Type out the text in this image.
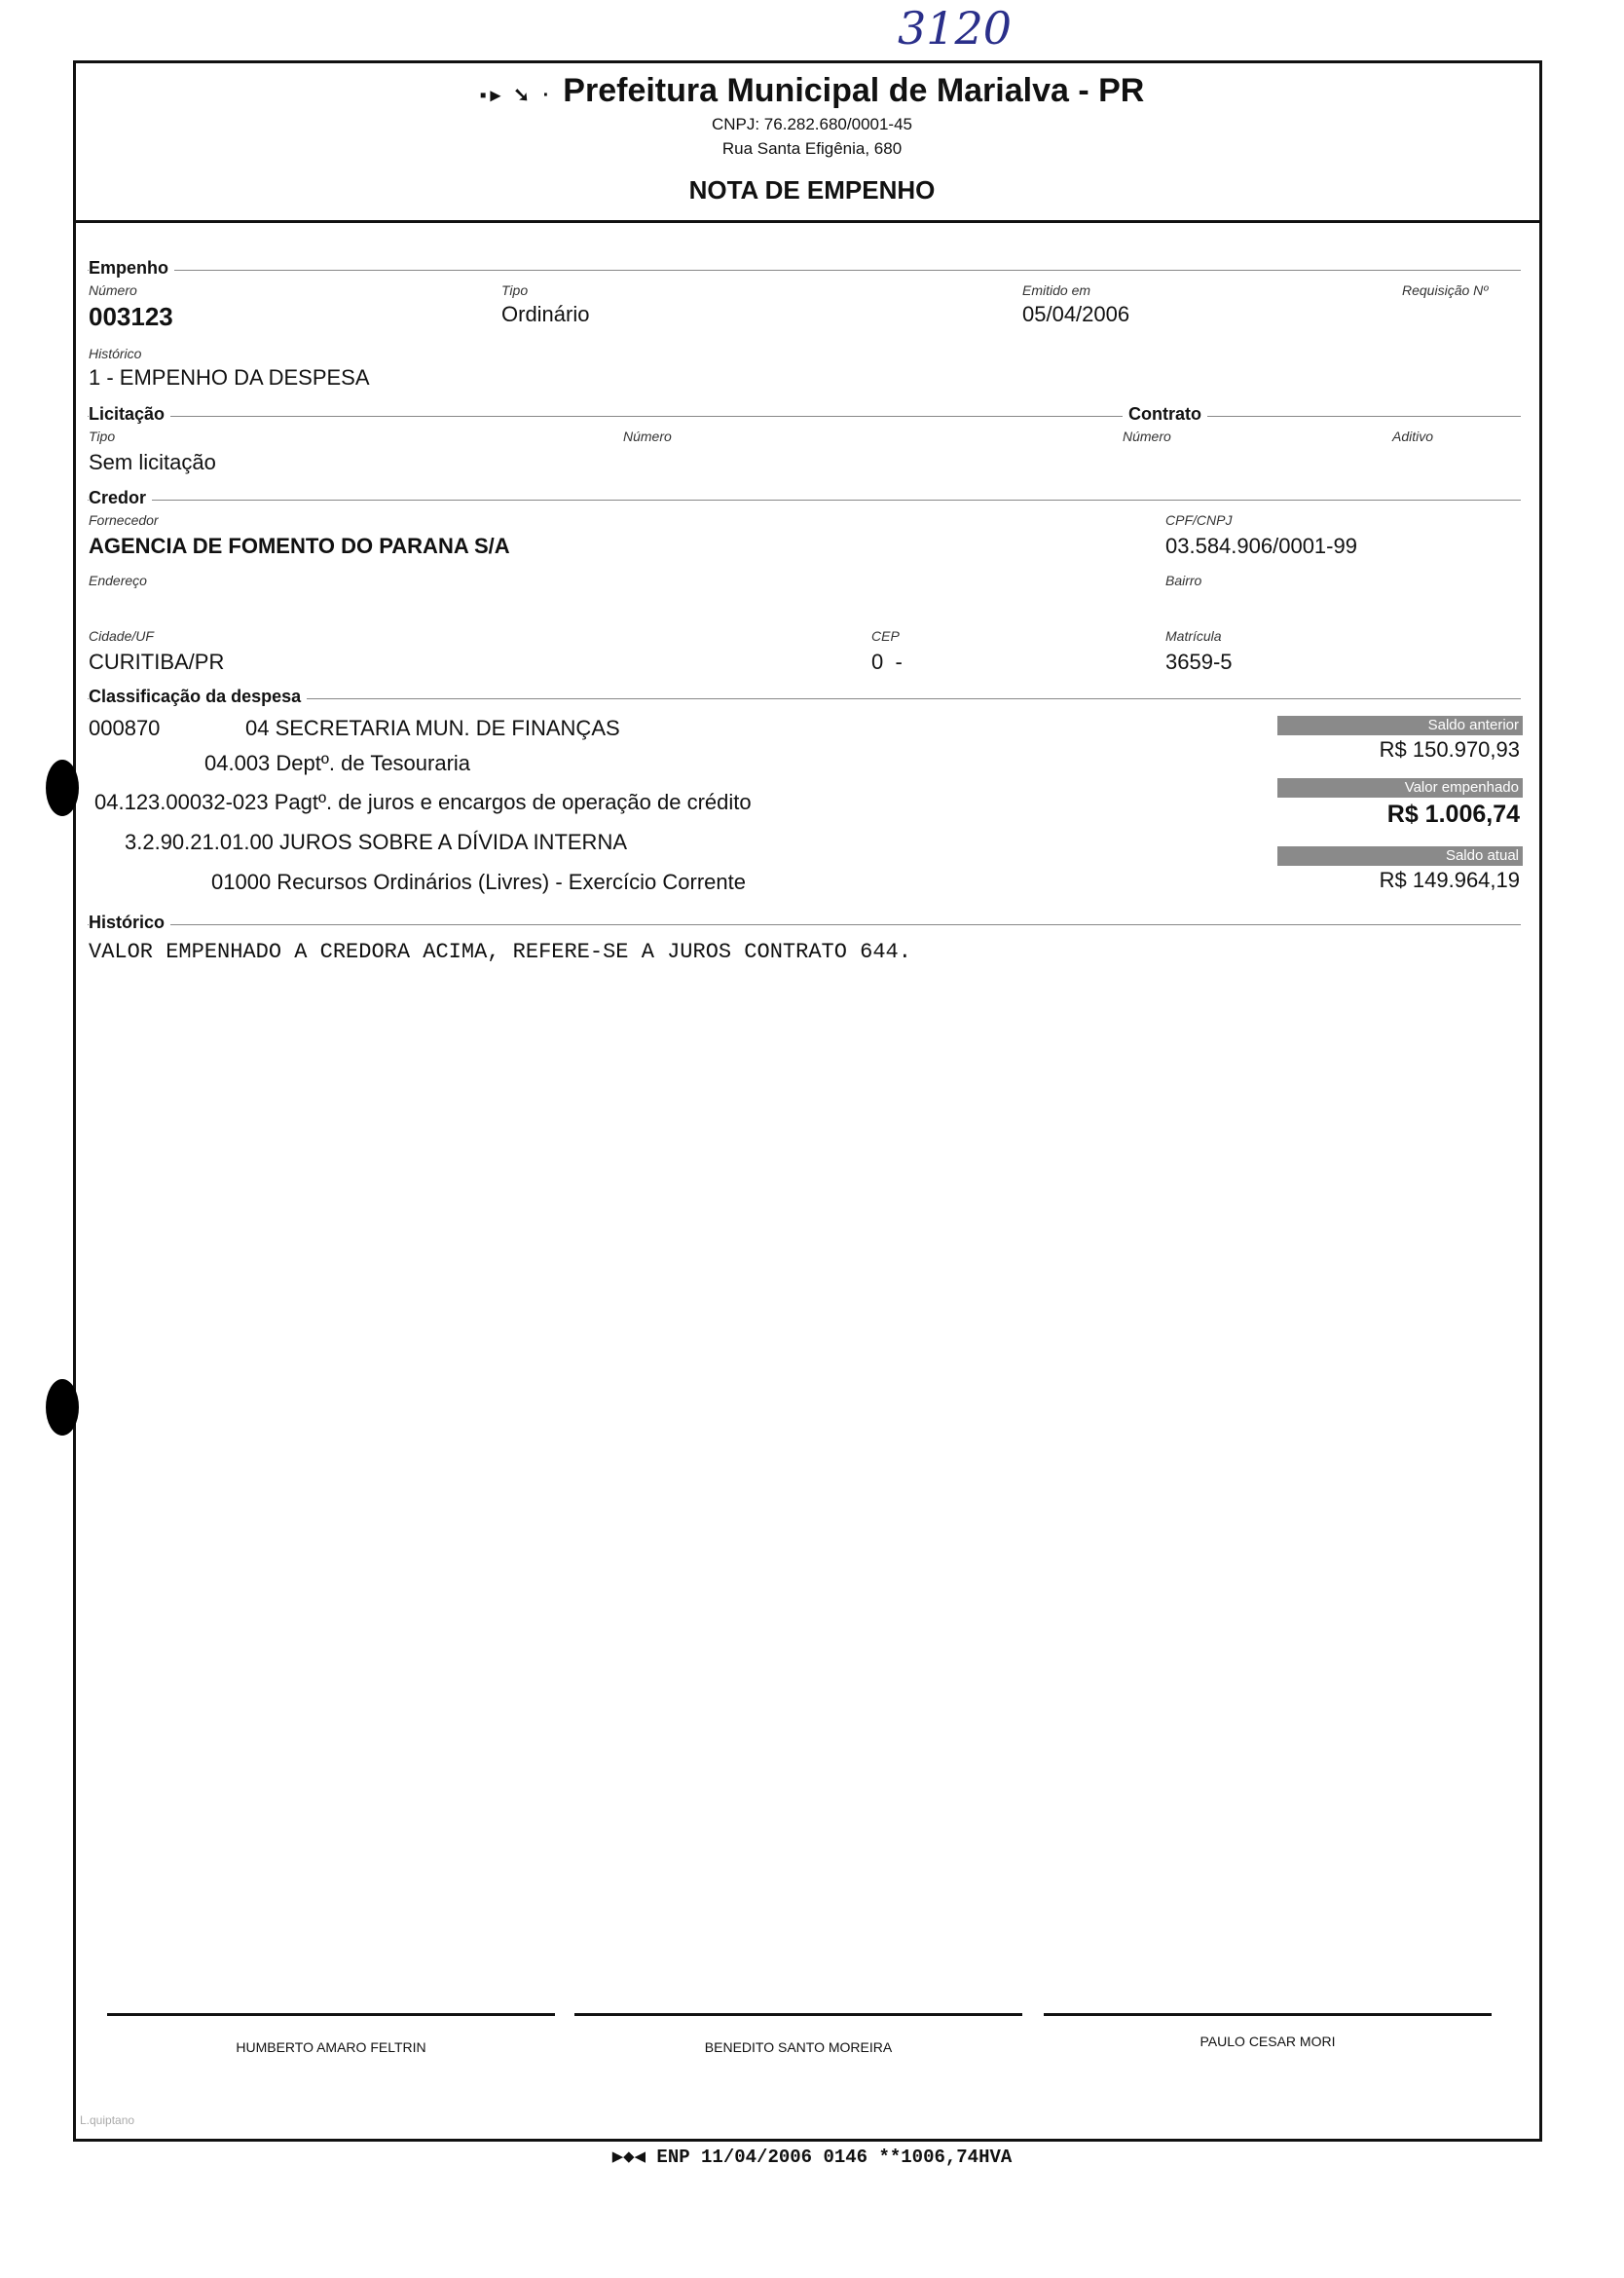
3120
▪▸ ➘ · Prefeitura Municipal de Marialva - PR
CNPJ: 76.282.680/0001-45
Rua Santa Efigênia, 680
NOTA DE EMPENHO
Empenho
Número
003123
Tipo
Ordinário
Emitido em
05/04/2006
Requisição Nº
Histórico
1 - EMPENHO DA DESPESA
Licitação	Contrato
Tipo
Sem licitação
Número	Número	Aditivo
Credor
Fornecedor
AGENCIA DE FOMENTO DO PARANA S/A
CPF/CNPJ
03.584.906/0001-99
Endereço	Bairro
Cidade/UF
CURITIBA/PR
CEP
0  -
Matrícula
3659-5
Classificação da despesa
000870	04 SECRETARIA MUN. DE FINANÇAS
04.003 Deptº. de Tesouraria
04.123.00032-023 Pagtº. de juros e encargos de operação de crédito
3.2.90.21.01.00 JUROS SOBRE A DÍVIDA INTERNA
01000 Recursos Ordinários (Livres) - Exercício Corrente
Saldo anterior
R$ 150.970,93
Valor empenhado
R$ 1.006,74
Saldo atual
R$ 149.964,19
Histórico
VALOR EMPENHADO A CREDORA ACIMA, REFERE-SE A JUROS CONTRATO 644.
HUMBERTO AMARO FELTRIN	BENEDITO SANTO MOREIRA	PAULO CESAR MORI
L.quiptano
▶◆◀ ENP 11/04/2006 0146 **1006,74HVA
